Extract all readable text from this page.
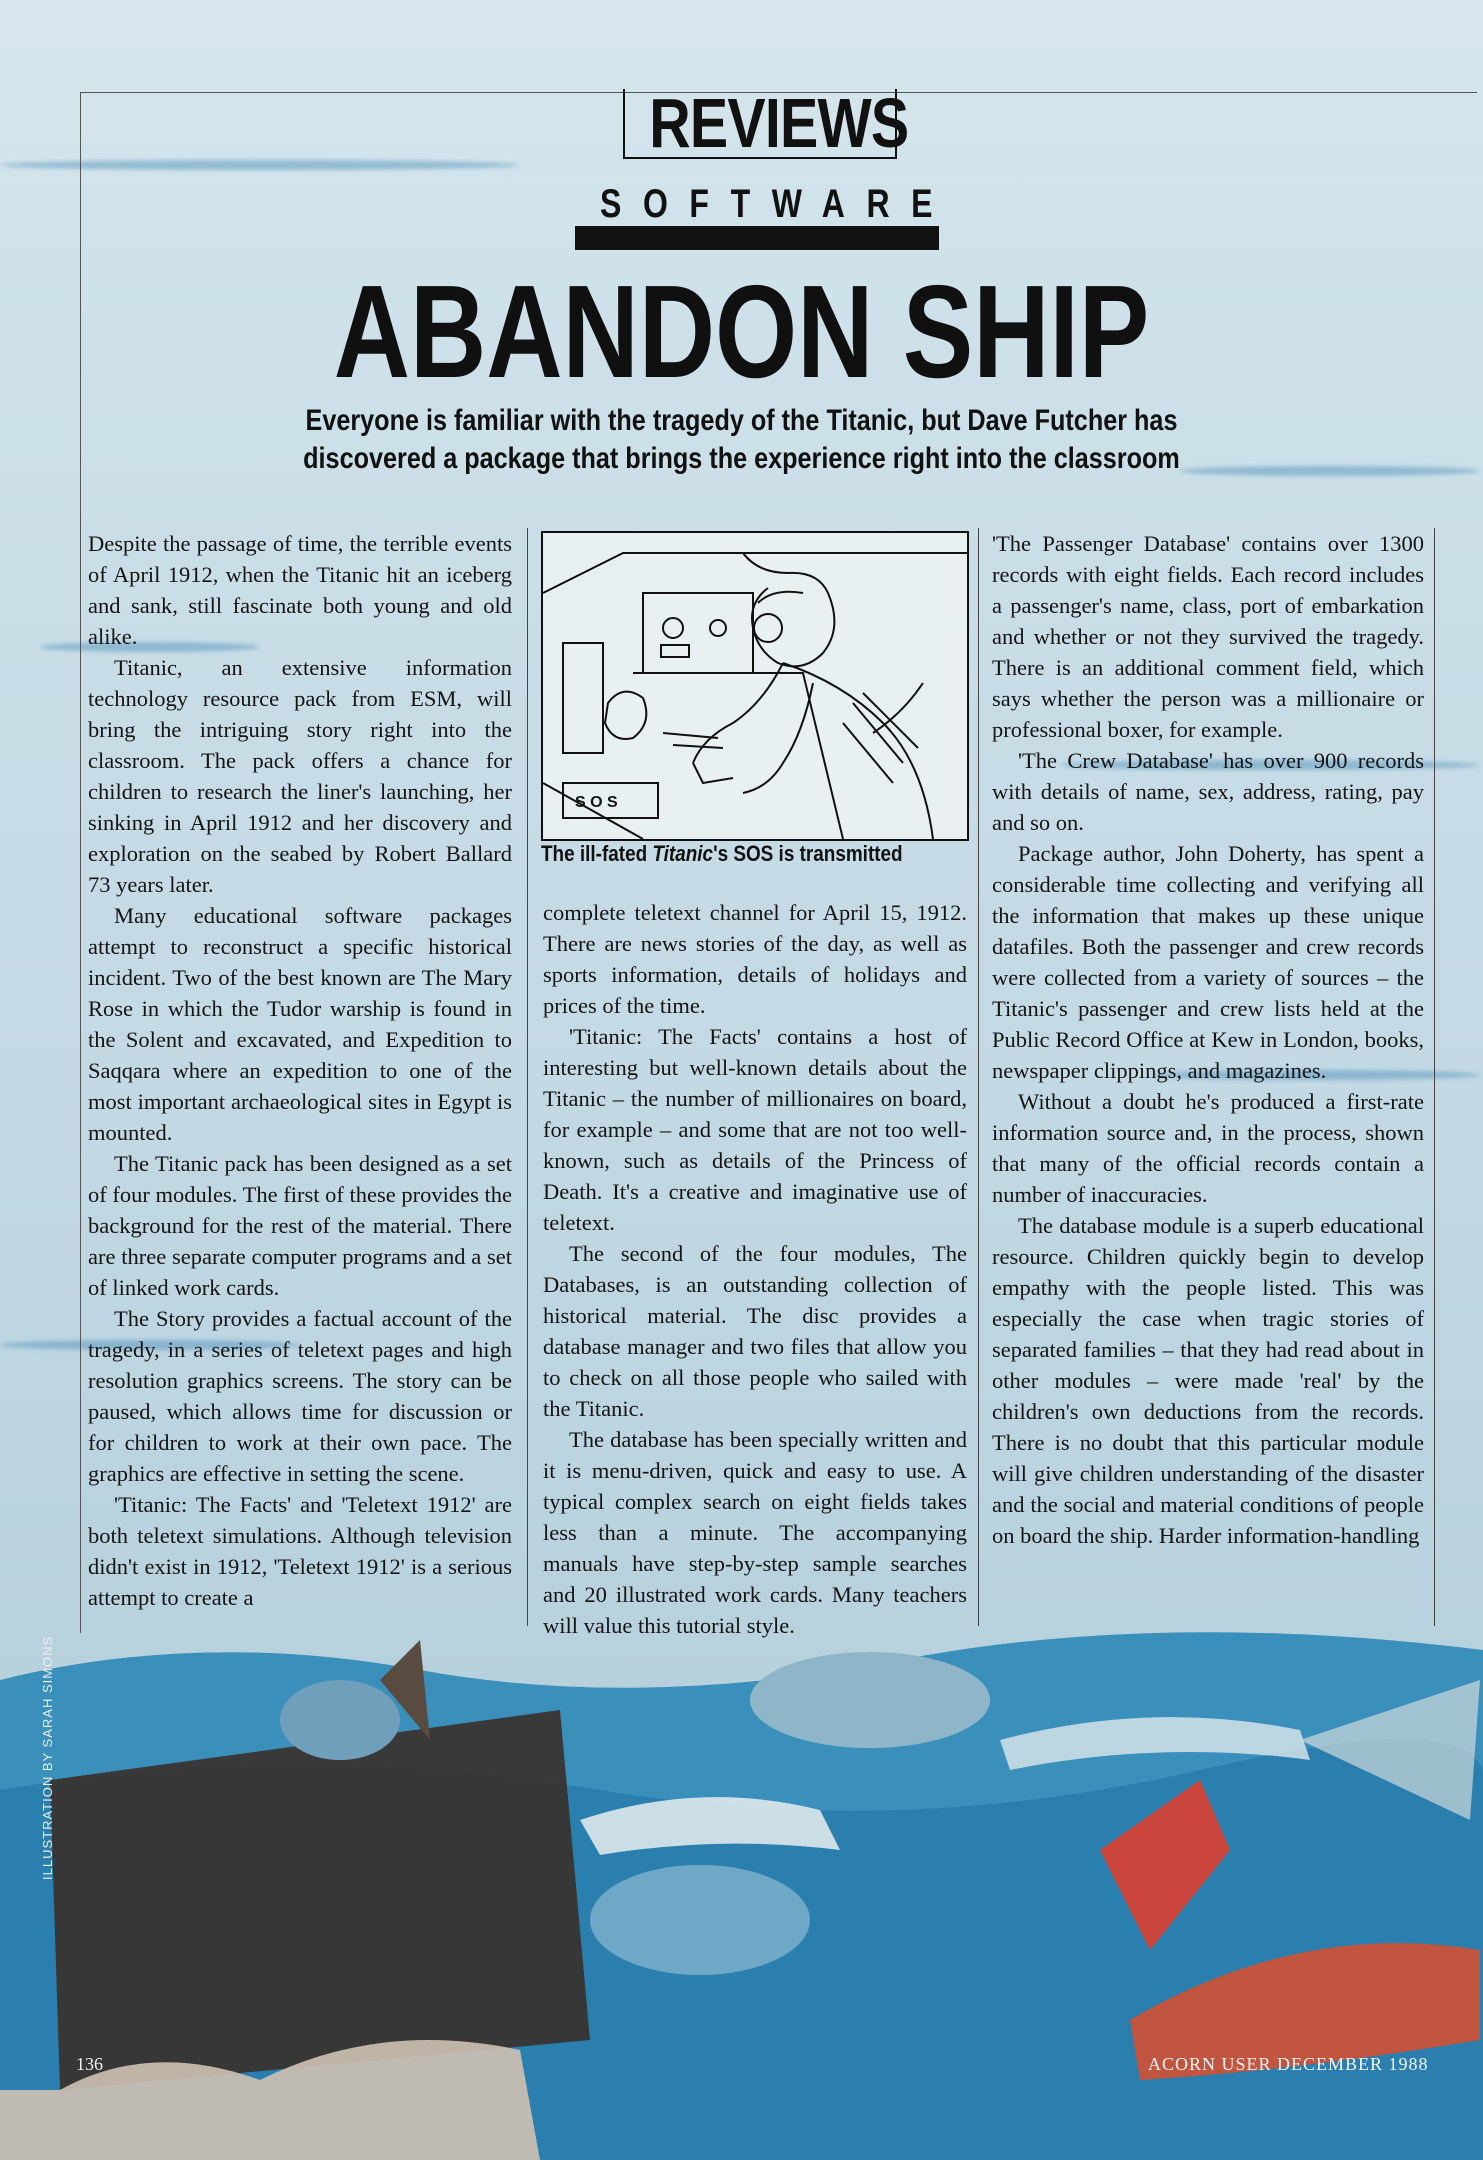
REVIEWS
SOFTWARE
ABANDON SHIP
Everyone is familiar with the tragedy of the Titanic, but Dave Futcher has discovered a package that brings the experience right into the classroom

Despite the passage of time, the terrible events of April 1912, when the Titanic hit an iceberg and sank, still fascinate both young and old alike.

Titanic, an extensive information technology resource pack from ESM, will bring the intriguing story right into the classroom. The pack offers a chance for children to research the liner's launching, her sinking in April 1912 and her discovery and exploration on the seabed by Robert Ballard 73 years later.

Many educational software packages attempt to reconstruct a specific historical incident. Two of the best known are The Mary Rose in which the Tudor warship is found in the Solent and excavated, and Expedition to Saqqara where an expedition to one of the most important archaeological sites in Egypt is mounted.

The Titanic pack has been designed as a set of four modules. The first of these provides the background for the rest of the material. There are three separate computer programs and a set of linked work cards.

The Story provides a factual account of the tragedy, in a series of teletext pages and high resolution graphics screens. The story can be paused, which allows time for discussion or for children to work at their own pace. The graphics are effective in setting the scene.

'Titanic: The Facts' and 'Teletext 1912' are both teletext simulations. Although television didn't exist in 1912, 'Teletext 1912' is a serious attempt to create a

S O S
The ill-fated Titanic's SOS is transmitted

complete teletext channel for April 15, 1912. There are news stories of the day, as well as sports information, details of holidays and prices of the time.

'Titanic: The Facts' contains a host of interesting but well-known details about the Titanic – the number of millionaires on board, for example – and some that are not too well-known, such as details of the Princess of Death. It's a creative and imaginative use of teletext.

The second of the four modules, The Databases, is an outstanding collection of historical material. The disc provides a database manager and two files that allow you to check on all those people who sailed with the Titanic.

The database has been specially written and it is menu-driven, quick and easy to use. A typical complex search on eight fields takes less than a minute. The accompanying manuals have step-by-step sample searches and 20 illustrated work cards. Many teachers will value this tutorial style.

'The Passenger Database' contains over 1300 records with eight fields. Each record includes a passenger's name, class, port of embarkation and whether or not they survived the tragedy. There is an additional comment field, which says whether the person was a millionaire or professional boxer, for example.

'The Crew Database' has over 900 records with details of name, sex, address, rating, pay and so on.

Package author, John Doherty, has spent a considerable time collecting and verifying all the information that makes up these unique datafiles. Both the passenger and crew records were collected from a variety of sources – the Titanic's passenger and crew lists held at the Public Record Office at Kew in London, books, newspaper clippings, and magazines.

Without a doubt he's produced a first-rate information source and, in the process, shown that many of the official records contain a number of inaccuracies.

The database module is a superb educational resource. Children quickly begin to develop empathy with the people listed. This was especially the case when tragic stories of separated families – that they had read about in other modules – were made 'real' by the children's own deductions from the records. There is no doubt that this particular module will give children understanding of the disaster and the social and material conditions of people on board the ship. Harder information-handling

ILLUSTRATION BY SARAH SIMONS
136	ACORN USER DECEMBER 1988
